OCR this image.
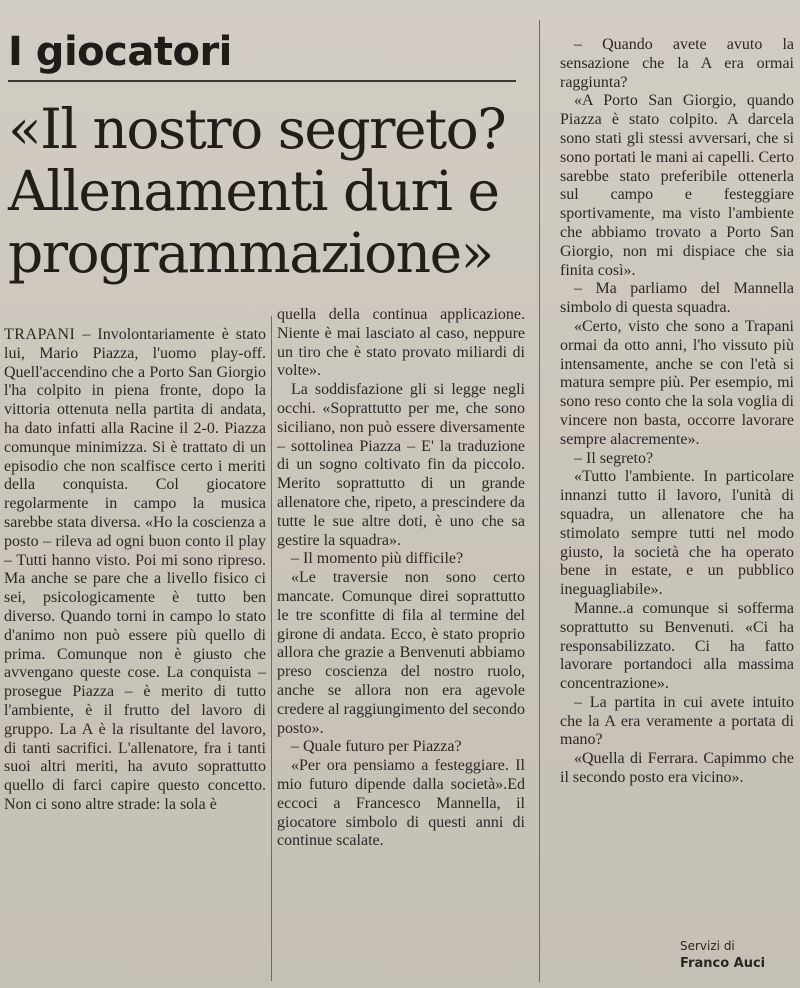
I giocatori
«Il nostro segreto?
Allenamenti duri e
programmazione»

TRAPANI – Involontariamente è stato lui, Mario Piazza, l'uomo play-off. Quell'accendino che a Porto San Giorgio l'ha colpito in piena fronte, dopo la vittoria ottenuta nella partita di andata, ha dato infatti alla Racine il 2-0. Piazza comunque minimizza. Si è trattato di un episodio che non scalfisce certo i meriti della conquista. Col giocatore regolarmente in campo la musica sarebbe stata diversa. «Ho la coscienza a posto – rileva ad ogni buon conto il play – Tutti hanno visto. Poi mi sono ripreso. Ma anche se pare che a livello fisico ci sei, psicologicamente è tutto ben diverso. Quando torni in campo lo stato d'animo non può essere più quello di prima. Comunque non è giusto che avvengano queste cose. La conquista – prosegue Piazza – è merito di tutto l'ambiente, è il frutto del lavoro di gruppo. La A è la risultante del lavoro, di tanti sacrifici. L'allenatore, fra i tanti suoi altri meriti, ha avuto soprattutto quello di farci capire questo concetto. Non ci sono altre strade: la sola è

quella della continua applicazione. Niente è mai lasciato al caso, neppure un tiro che è stato provato miliardi di volte».

La soddisfazione gli si legge negli occhi. «Soprattutto per me, che sono siciliano, non può essere diversamente – sottolinea Piazza – E' la traduzione di un sogno coltivato fin da piccolo. Merito soprattutto di un grande allenatore che, ripeto, a prescindere da tutte le sue altre doti, è uno che sa gestire la squadra».

– Il momento più difficile?

«Le traversie non sono certo mancate. Comunque direi soprattutto le tre sconfitte di fila al termine del girone di andata. Ecco, è stato proprio allora che grazie a Benvenuti abbiamo preso coscienza del nostro ruolo, anche se allora non era agevole credere al raggiungimento del secondo posto».

– Quale futuro per Piazza?

«Per ora pensiamo a festeggiare. Il mio futuro dipende dalla società».Ed eccoci a Francesco Mannella, il giocatore simbolo di questi anni di continue scalate.

– Quando avete avuto la sensazione che la A era ormai raggiunta?

«A Porto San Giorgio, quando Piazza è stato colpito. A darcela sono stati gli stessi avversari, che si sono portati le mani ai capelli. Certo sarebbe stato preferibile ottenerla sul campo e festeggiare sportivamente, ma visto l'ambiente che abbiamo trovato a Porto San Giorgio, non mi dispiace che sia finita così».

– Ma parliamo del Mannella simbolo di questa squadra.

«Certo, visto che sono a Trapani ormai da otto anni, l'ho vissuto più intensamente, anche se con l'età si matura sempre più. Per esempio, mi sono reso conto che la sola voglia di vincere non basta, occorre lavorare sempre alacremente».

– Il segreto?

«Tutto l'ambiente. In particolare innanzi tutto il lavoro, l'unità di squadra, un allenatore che ha stimolato sempre tutti nel modo giusto, la società che ha operato bene in estate, e un pubblico ineguagliabile».

Manne..a comunque si sofferma soprattutto su Benvenuti. «Ci ha responsabilizzato. Ci ha fatto lavorare portandoci alla massima concentrazione».

– La partita in cui avete intuito che la A era veramente a portata di mano?

«Quella di Ferrara. Capimmo che il secondo posto era vicino».

Servizi di
Franco Auci
